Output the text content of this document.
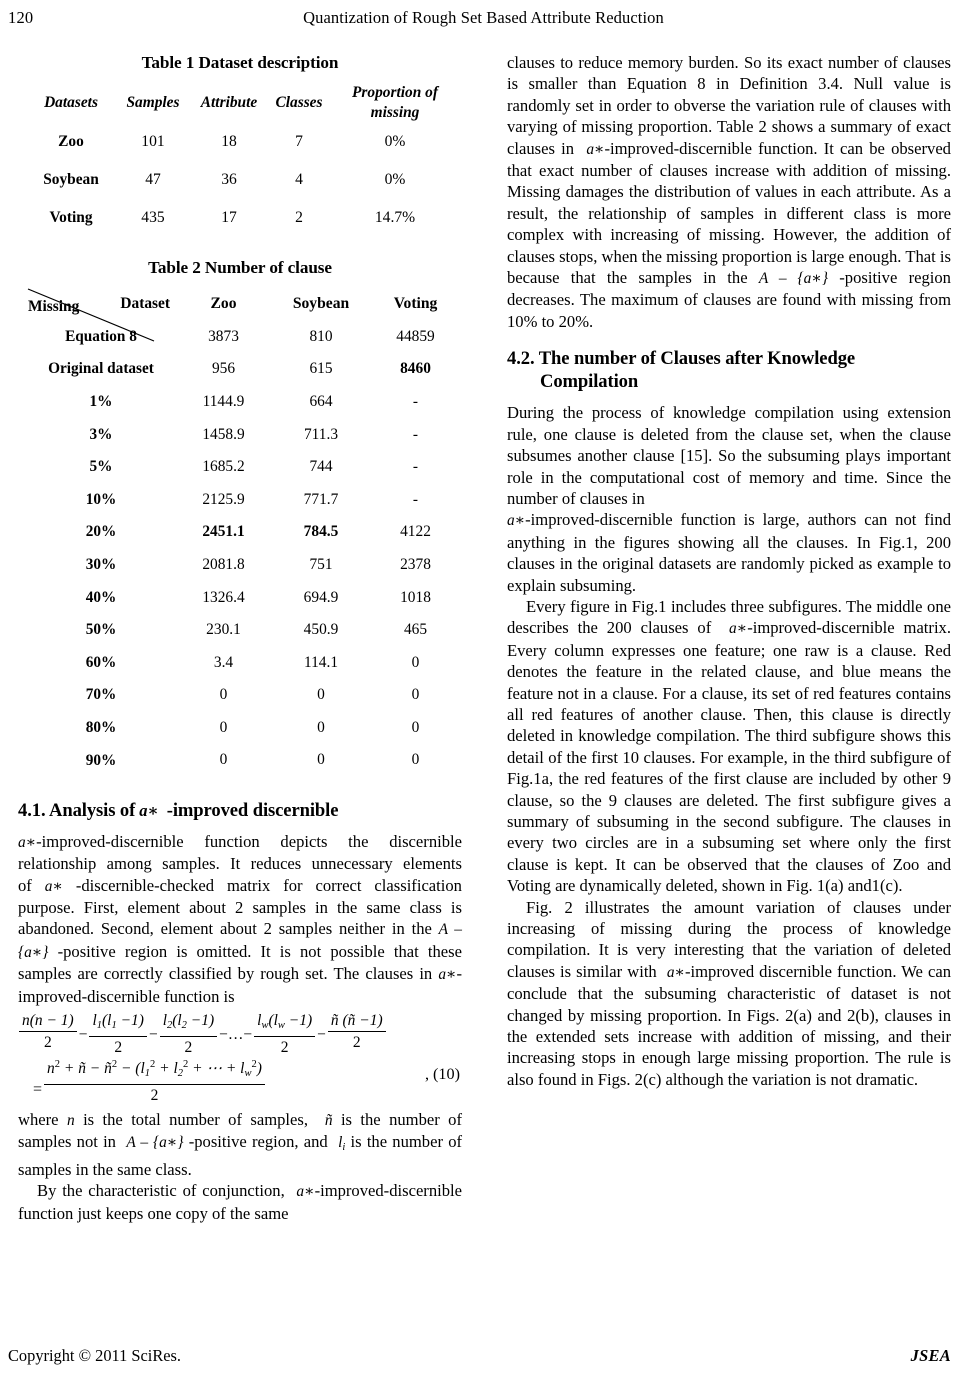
120	Quantization of Rough Set Based Attribute Reduction
Table 1 Dataset description
Datasets	Samples	Attribute	Classes	Proportion of missing
Zoo	101	18	7	0%
Soybean	47	36	4	0%
Voting	435	17	2	14.7%
Table 2 Number of clause
Dataset
Missing	Zoo	Soybean	Voting
Equation 8	3873	810	44859
Original dataset	956	615	8460
1%	1144.9	664	-
3%	1458.9	711.3	-
5%	1685.2	744	-
10%	2125.9	771.7	-
20%	2451.1	784.5	4122
30%	2081.8	751	2378
40%	1326.4	694.9	1018
50%	230.1	450.9	465
60%	3.4	114.1	0
70%	0	0	0
80%	0	0	0
90%	0	0	0
4.1. Analysis of a∗ -improved discernible

a∗-improved-discernible function depicts the discernible relationship among samples. It reduces unnecessary elements of a∗ -discernible-checked matrix for correct classification purpose. First, element about 2 samples in the same class is abandoned. Second, element about 2 samples neither in the A – {a∗} -positive region is omitted. It is not possible that these samples are correctly classified by rough set. The clauses in a∗-improved-discernible function is

$\frac{n(n - 1)}{2} - \frac{l_1(l_1 -1)}{2} - \frac{l_2(l_2 -1)}{2}$ −…− $\frac{l_w(l_w -1)}{2} - \frac{ñ (ñ -1)}{2}$
= $\frac{n^2 + ñ - ñ^2 - (l_1^2 + l_2^2 + \cdots + l_w^2)}{2}$	, (10)

where n is the total number of samples, ñ is the number of samples not in A – {a∗} -positive region, and $l_i$ is the number of samples in the same class.

By the characteristic of conjunction, a∗-improved-discernible function just keeps one copy of the same

clauses to reduce memory burden. So its exact number of clauses is smaller than Equation 8 in Definition 3.4. Null value is randomly set in order to obverse the variation rule of clauses with varying of missing proportion. Table 2 shows a summary of exact clauses in a∗-improved-discernible function. It can be observed that exact number of clauses increase with addition of missing. Missing damages the distribution of values in each attribute. As a result, the relationship of samples in different class is more complex with increasing of missing. However, the addition of clauses stops, when the missing proportion is large enough. That is because that the samples in the A – {a∗} -positive region decreases. The maximum of clauses are found with missing from 10% to 20%.

4.2. The number of Clauses after Knowledge
Compilation

During the process of knowledge compilation using extension rule, one clause is deleted from the clause set, when the clause subsumes another clause [15]. So the subsuming plays important role in the computational cost of memory and time. Since the number of clauses in
a∗-improved-discernible function is large, authors can not find anything in the figures showing all the clauses. In Fig.1, 200 clauses in the original datasets are randomly picked as example to explain subsuming.

Every figure in Fig.1 includes three subfigures. The middle one describes the 200 clauses of a∗-improved-discernible matrix. Every column expresses one feature; one raw is a clause. Red denotes the feature in the related clause, and blue means the feature not in a clause. For a clause, its set of red features contains all red features of another clause. Then, this clause is directly deleted in knowledge compilation. The third subfigure shows this detail of the first 10 clauses. For example, in the third subfigure of Fig.1a, the red features of the first clause are included by other 9 clause, so the 9 clauses are deleted. The first subfigure gives a summary of subsuming in the second subfigure. The clauses in every two circles are in a subsuming set where only the first clause is kept. It can be observed that the clauses of Zoo and Voting are dynamically deleted, shown in Fig. 1(a) and1(c).

Fig. 2 illustrates the amount variation of clauses under increasing of missing during the process of knowledge compilation. It is very interesting that the variation of deleted clauses is similar with a∗-improved discernible function. We can conclude that the subsuming characteristic of dataset is not changed by missing proportion. In Figs. 2(a) and 2(b), clauses in the extended sets increase with addition of missing, and their increasing stops in enough large missing proportion. The rule is also found in Figs. 2(c) although the variation is not dramatic.

Copyright © 2011 SciRes.	JSEA
